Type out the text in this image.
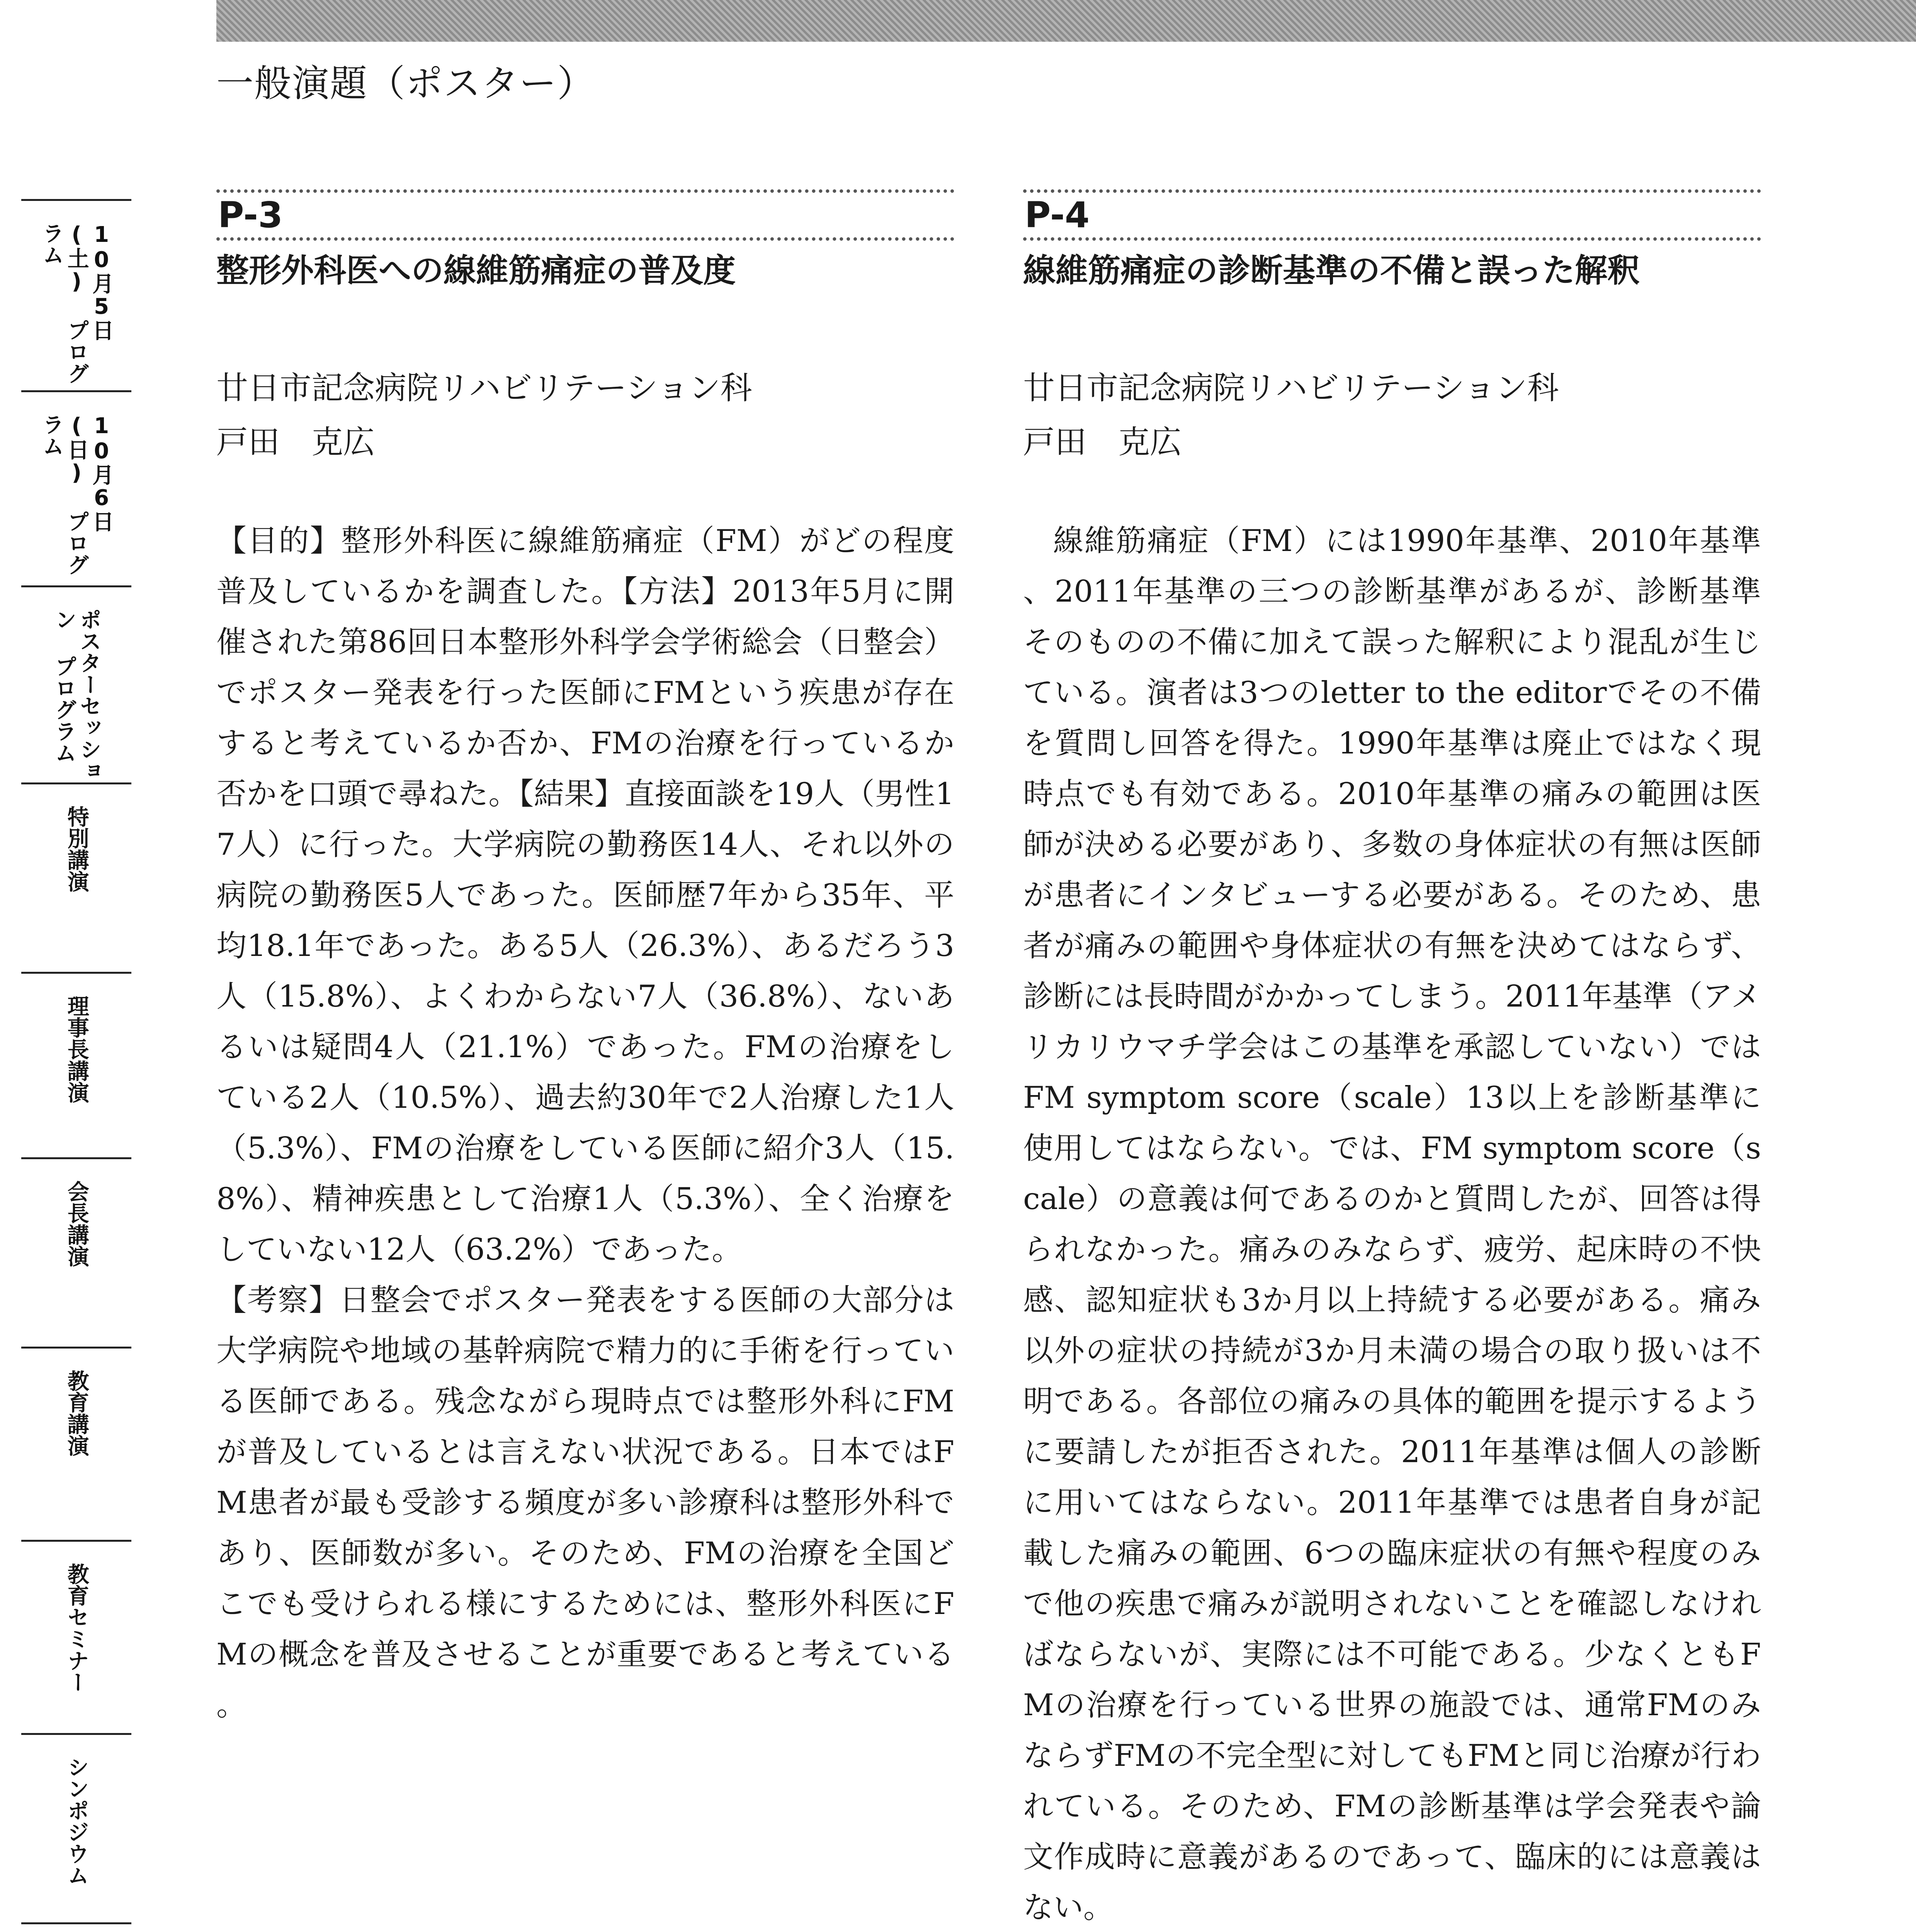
一般演題（ポスター）
10月5日(土) プログラム
10月6日(日) プログラム
ポスターセッション プログラム
特別講演
理事長講演
会長講演
教育講演
教育セミナー
シンポジウム
P-3
整形外科医への線維筋痛症の普及度

廿日市記念病院リハビリテーション科

戸田　克広

【目的】整形外科医に線維筋痛症（FM）がどの程度普及しているかを調査した。【方法】2013年5月に開催された第86回日本整形外科学会学術総会（日整会）でポスター発表を行った医師にFMという疾患が存在すると考えているか否か、FMの治療を行っているか否かを口頭で尋ねた。【結果】直接面談を19人（男性17人）に行った。大学病院の勤務医14人、それ以外の病院の勤務医5人であった。医師歴7年から35年、平均18.1年であった。ある5人（26.3%）、あるだろう3人（15.8%）、よくわからない7人（36.8%）、ないあるいは疑問4人（21.1%）であった。FMの治療をしている2人（10.5%）、過去約30年で2人治療した1人（5.3%）、FMの治療をしている医師に紹介3人（15.8%）、精神疾患として治療1人（5.3%）、全く治療をしていない12人（63.2%）であった。

【考察】日整会でポスター発表をする医師の大部分は大学病院や地域の基幹病院で精力的に手術を行っている医師である。残念ながら現時点では整形外科にFMが普及しているとは言えない状況である。日本ではFM患者が最も受診する頻度が多い診療科は整形外科であり、医師数が多い。そのため、FMの治療を全国どこでも受けられる様にするためには、整形外科医にFMの概念を普及させることが重要であると考えている。

P-4
線維筋痛症の診断基準の不備と誤った解釈

廿日市記念病院リハビリテーション科

戸田　克広

線維筋痛症（FM）には1990年基準、2010年基準、2011年基準の三つの診断基準があるが、診断基準そのものの不備に加えて誤った解釈により混乱が生じている。演者は3つのletter to the editorでその不備を質問し回答を得た。1990年基準は廃止ではなく現時点でも有効である。2010年基準の痛みの範囲は医師が決める必要があり、多数の身体症状の有無は医師が患者にインタビューする必要がある。そのため、患者が痛みの範囲や身体症状の有無を決めてはならず、診断には長時間がかかってしまう。2011年基準（アメリカリウマチ学会はこの基準を承認していない）ではFM symptom score（scale）13以上を診断基準に使用してはならない。では、FM symptom score（scale）の意義は何であるのかと質問したが、回答は得られなかった。痛みのみならず、疲労、起床時の不快感、認知症状も3か月以上持続する必要がある。痛み以外の症状の持続が3か月未満の場合の取り扱いは不明である。各部位の痛みの具体的範囲を提示するように要請したが拒否された。2011年基準は個人の診断に用いてはならない。2011年基準では患者自身が記載した痛みの範囲、6つの臨床症状の有無や程度のみで他の疾患で痛みが説明されないことを確認しなければならないが、実際には不可能である。少なくともFMの治療を行っている世界の施設では、通常FMのみならずFMの不完全型に対してもFMと同じ治療が行われている。そのため、FMの診断基準は学会発表や論文作成時に意義があるのであって、臨床的には意義はない。
